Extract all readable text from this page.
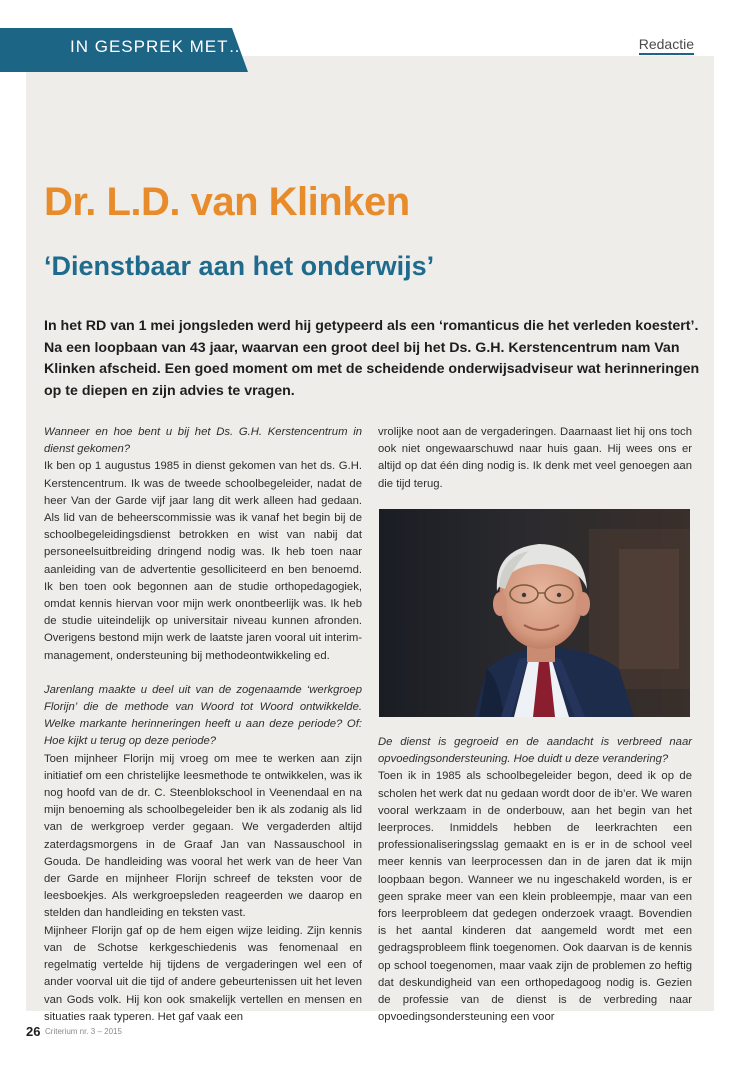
IN GESPREK MET…	Redactie
Dr. L.D. van Klinken
‘Dienstbaar aan het onderwijs’

In het RD van 1 mei jongsleden werd hij getypeerd als een ‘romanticus die het verleden koestert’. Na een loopbaan van 43 jaar, waarvan een groot deel bij het Ds. G.H. Kerstencentrum nam Van Klinken afscheid. Een goed moment om met de scheidende onderwijsadviseur wat herinneringen op te diepen en zijn advies te vragen.

Wanneer en hoe bent u bij het Ds. G.H. Kerstencentrum in dienst gekomen?

Ik ben op 1 augustus 1985 in dienst gekomen van het ds. G.H. Kerstencentrum. Ik was de tweede schoolbegeleider, nadat de heer Van der Garde vijf jaar lang dit werk alleen had gedaan. Als lid van de beheerscommissie was ik vanaf het begin bij de schoolbegeleidingsdienst betrokken en wist van nabij dat personeelsuitbreiding dringend nodig was. Ik heb toen naar aanleiding van de advertentie gesolliciteerd en ben benoemd. Ik ben toen ook begonnen aan de studie orthopedagogiek, omdat kennis hiervan voor mijn werk onontbeerlijk was. Ik heb de studie uiteindelijk op universitair niveau kunnen afronden. Overigens bestond mijn werk de laatste jaren vooral uit interim-management, ondersteuning bij methodeontwikkeling ed.

Jarenlang maakte u deel uit van de zogenaamde ‘werkgroep Florijn’ die de methode van Woord tot Woord ontwikkelde. Welke markante herinneringen heeft u aan deze periode? Of: Hoe kijkt u terug op deze periode?

Toen mijnheer Florijn mij vroeg om mee te werken aan zijn initiatief om een christelijke leesmethode te ontwikkelen, was ik nog hoofd van de dr. C. Steenblokschool in Veenendaal en na mijn benoeming als schoolbegeleider ben ik als zodanig als lid van de werkgroep verder gegaan. We vergaderden altijd zaterdagsmorgens in de Graaf Jan van Nassauschool in Gouda. De handleiding was vooral het werk van de heer Van der Garde en mijnheer Florijn schreef de teksten voor de leesboekjes. Als werkgroepsleden reageerden we daarop en stelden dan handleiding en teksten vast.

Mijnheer Florijn gaf op de hem eigen wijze leiding. Zijn kennis van de Schotse kerkgeschiedenis was fenomenaal en regelmatig vertelde hij tijdens de vergaderingen wel een of ander voorval uit die tijd of andere gebeurtenissen uit het leven van Gods volk. Hij kon ook smakelijk vertellen en mensen en situaties raak typeren. Het gaf vaak een

vrolijke noot aan de vergaderingen. Daarnaast liet hij ons toch ook niet ongewaarschuwd naar huis gaan. Hij wees ons er altijd op dat één ding nodig is. Ik denk met veel genoegen aan die tijd terug.

De dienst is gegroeid en de aandacht is verbreed naar opvoedingsondersteuning. Hoe duidt u deze verandering?

Toen ik in 1985 als schoolbegeleider begon, deed ik op de scholen het werk dat nu gedaan wordt door de ib’er. We waren vooral werkzaam in de onderbouw, aan het begin van het leerproces. Inmiddels hebben de leerkrachten een professionaliseringsslag gemaakt en is er in de school veel meer kennis van leerprocessen dan in de jaren dat ik mijn loopbaan begon. Wanneer we nu ingeschakeld worden, is er geen sprake meer van een klein probleempje, maar van een fors leerprobleem dat gedegen onderzoek vraagt. Bovendien is het aantal kinderen dat aangemeld wordt met een gedragsprobleem flink toegenomen. Ook daarvan is de kennis op school toegenomen, maar vaak zijn de problemen zo heftig dat deskundigheid van een orthopedagoog nodig is. Gezien de professie van de dienst is de verbreding naar opvoedingsondersteuning een voor

26 Criterium nr. 3 – 2015
